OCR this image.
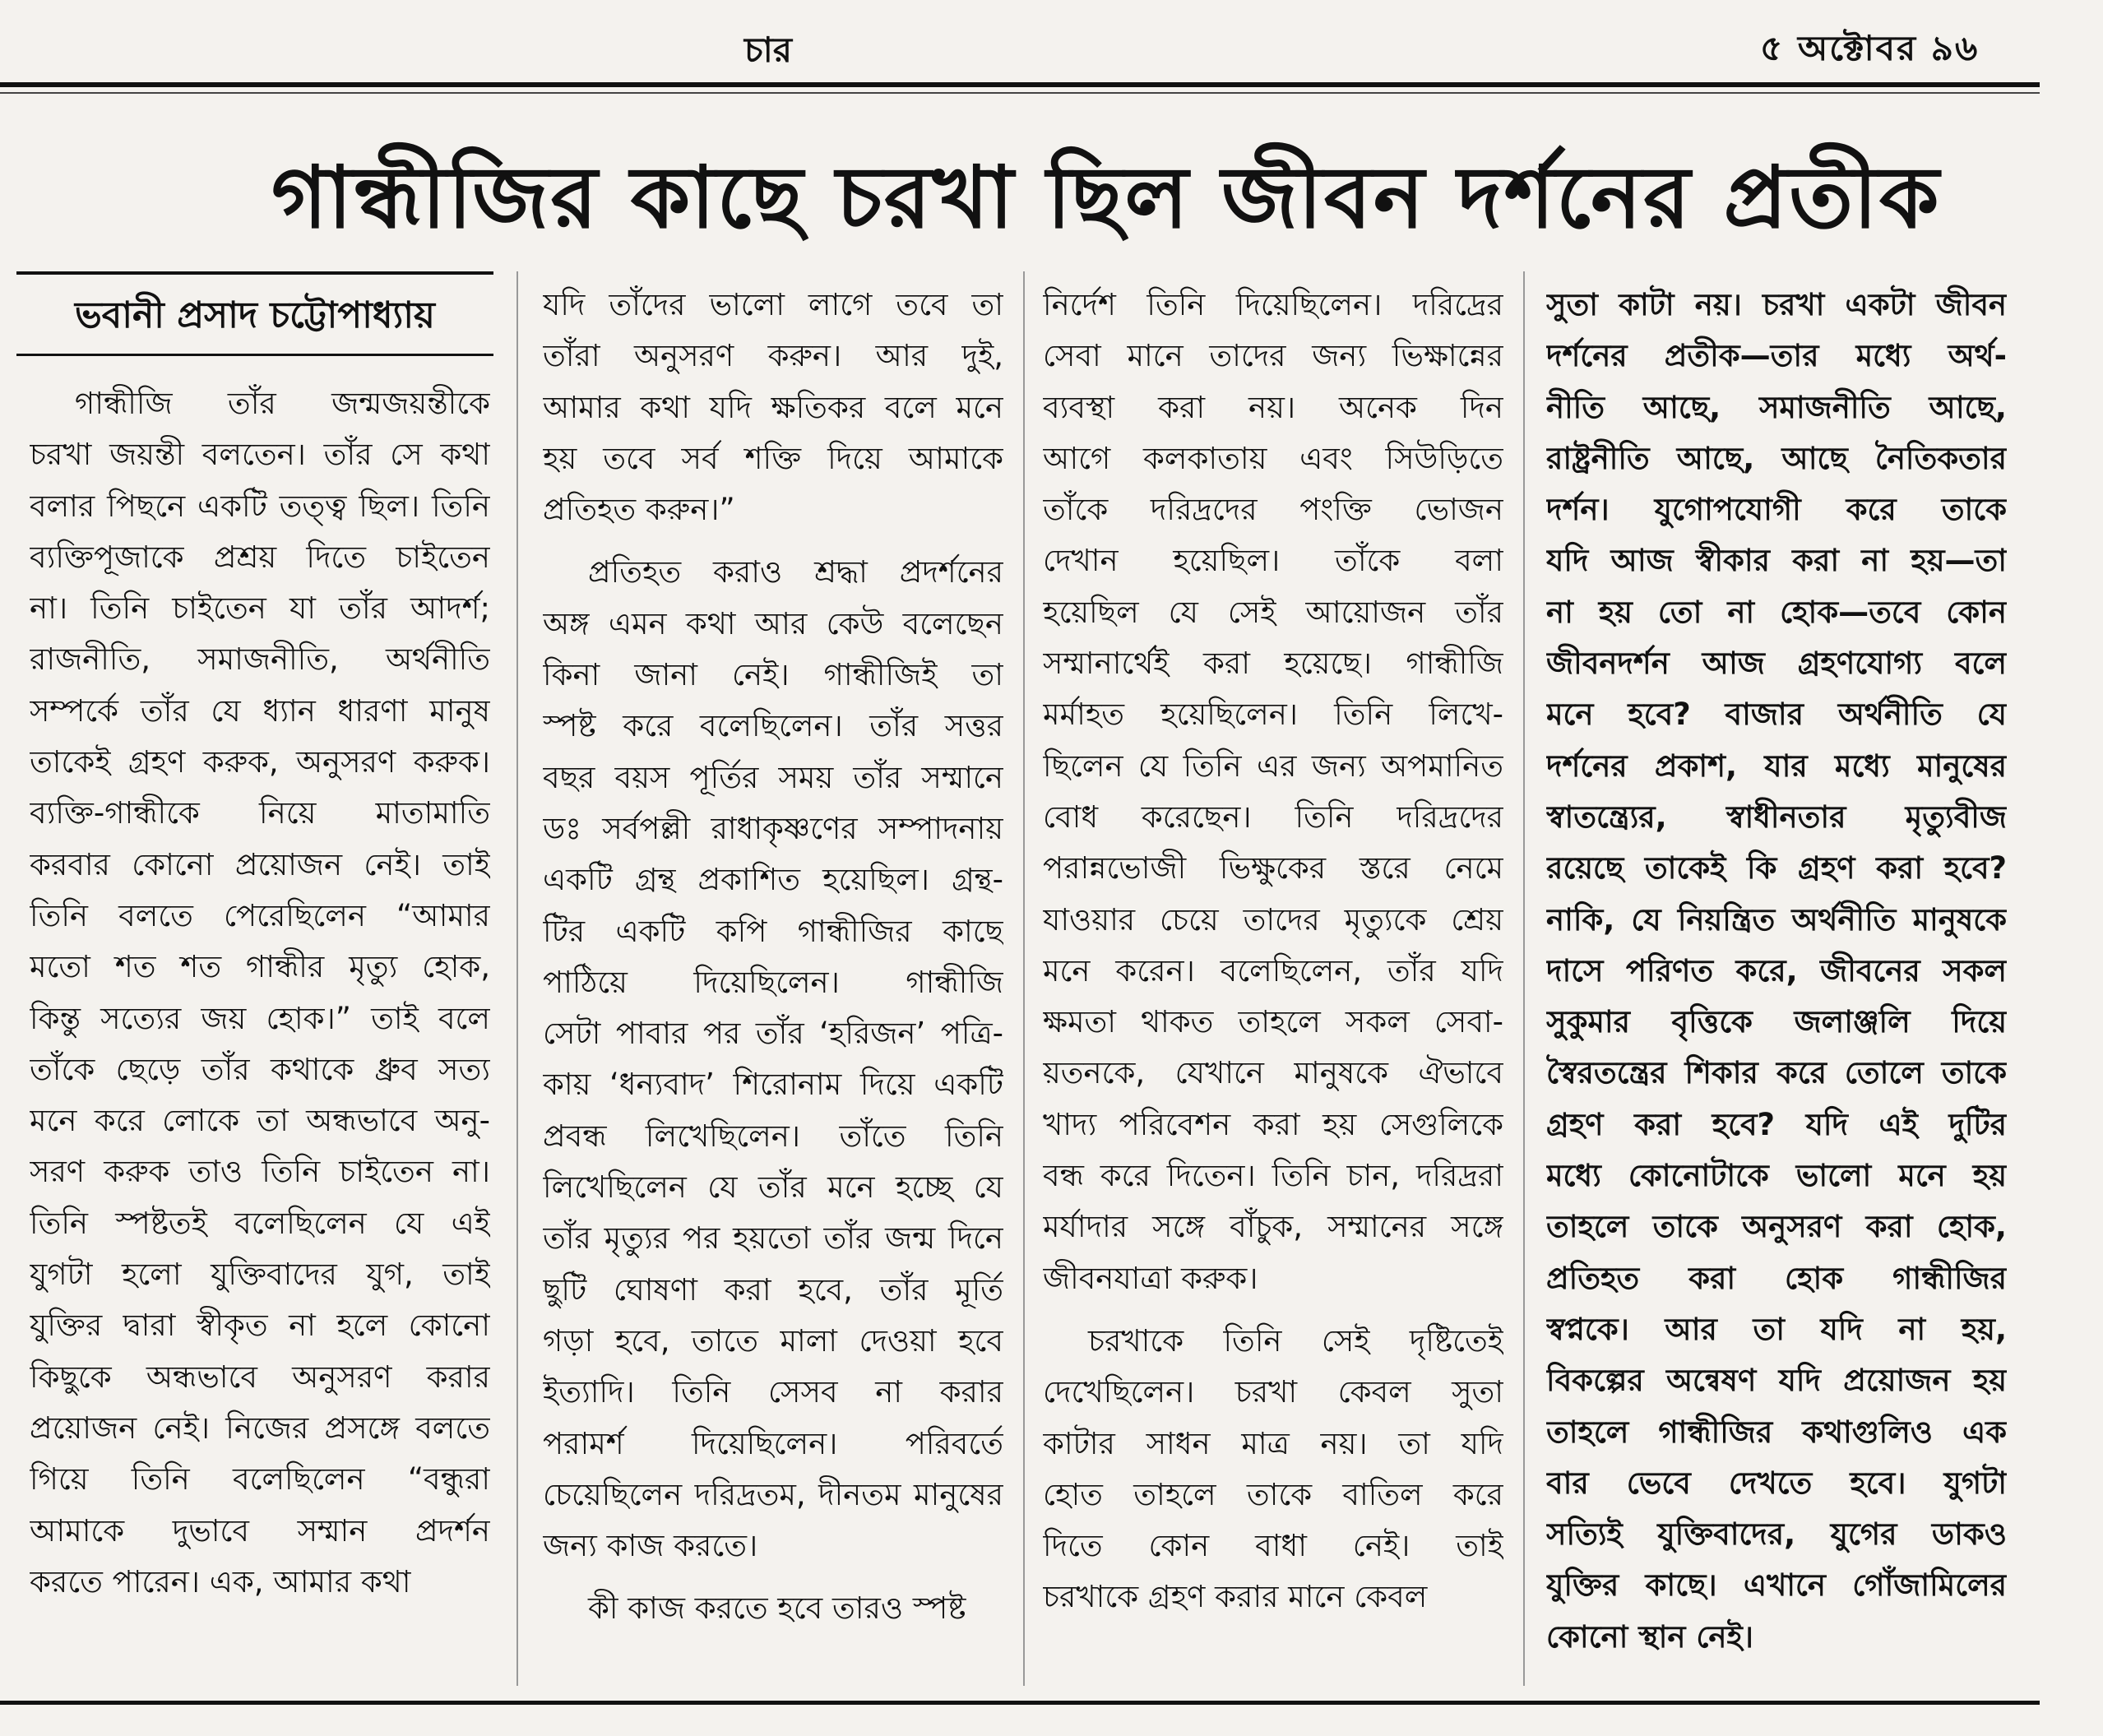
চার	৫ অক্টোবর ৯৬
গান্ধীজির কাছে চরখা ছিল জীবন দর্শনের প্রতীক
ভবানী প্রসাদ চট্টোপাধ্যায়
গান্ধীজি তাঁর জন্মজয়ন্তীকে
চরখা জয়ন্তী বলতেন। তাঁর সে কথা
বলার পিছনে একটি তত্ত্ব ছিল। তিনি
ব্যক্তিপূজাকে প্রশ্রয় দিতে চাইতেন
না। তিনি চাইতেন যা তাঁর আদর্শ;
রাজনীতি, সমাজনীতি, অর্থনীতি
সম্পর্কে তাঁর যে ধ্যান ধারণা মানুষ
তাকেই গ্রহণ করুক, অনুসরণ করুক।
ব্যক্তি-গান্ধীকে নিয়ে মাতামাতি
করবার কোনো প্রয়োজন নেই। তাই
তিনি বলতে পেরেছিলেন “আমার
মতো শত শত গান্ধীর মৃত্যু হোক,
কিন্তু সত্যের জয় হোক।” তাই বলে
তাঁকে ছেড়ে তাঁর কথাকে ধ্রুব সত্য
মনে করে লোকে তা অন্ধভাবে অনু-
সরণ করুক তাও তিনি চাইতেন না।
তিনি স্পষ্টতই বলেছিলেন যে এই
যুগটা হলো যুক্তিবাদের যুগ, তাই
যুক্তির দ্বারা স্বীকৃত না হলে কোনো
কিছুকে অন্ধভাবে অনুসরণ করার
প্রয়োজন নেই। নিজের প্রসঙ্গে বলতে
গিয়ে তিনি বলেছিলেন “বন্ধুরা
আমাকে দুভাবে সম্মান প্রদর্শন
করতে পারেন। এক, আমার কথা
যদি তাঁদের ভালো লাগে তবে তা
তাঁরা অনুসরণ করুন। আর দুই,
আমার কথা যদি ক্ষতিকর বলে মনে
হয় তবে সর্ব শক্তি দিয়ে আমাকে
প্রতিহত করুন।”
প্রতিহত করাও শ্রদ্ধা প্রদর্শনের
অঙ্গ এমন কথা আর কেউ বলেছেন
কিনা জানা নেই। গান্ধীজিই তা
স্পষ্ট করে বলেছিলেন। তাঁর সত্তর
বছর বয়স পূর্তির সময় তাঁর সম্মানে
ডঃ সর্বপল্লী রাধাকৃষ্ণণের সম্পাদনায়
একটি গ্রন্থ প্রকাশিত হয়েছিল। গ্রন্থ-
টির একটি কপি গান্ধীজির কাছে
পাঠিয়ে দিয়েছিলেন। গান্ধীজি
সেটা পাবার পর তাঁর ‘হরিজন’ পত্রি-
কায় ‘ধন্যবাদ’ শিরোনাম দিয়ে একটি
প্রবন্ধ লিখেছিলেন। তাঁতে তিনি
লিখেছিলেন যে তাঁর মনে হচ্ছে যে
তাঁর মৃত্যুর পর হয়তো তাঁর জন্ম দিনে
ছুটি ঘোষণা করা হবে, তাঁর মূর্তি
গড়া হবে, তাতে মালা দেওয়া হবে
ইত্যাদি। তিনি সেসব না করার
পরামর্শ দিয়েছিলেন। পরিবর্তে
চেয়েছিলেন দরিদ্রতম, দীনতম মানুষের
জন্য কাজ করতে।
কী কাজ করতে হবে তারও স্পষ্ট
নির্দেশ তিনি দিয়েছিলেন। দরিদ্রের
সেবা মানে তাদের জন্য ভিক্ষান্নের
ব্যবস্থা করা নয়। অনেক দিন
আগে কলকাতায় এবং সিউড়িতে
তাঁকে দরিদ্রদের পংক্তি ভোজন
দেখান হয়েছিল। তাঁকে বলা
হয়েছিল যে সেই আয়োজন তাঁর
সম্মানার্থেই করা হয়েছে। গান্ধীজি
মর্মাহত হয়েছিলেন। তিনি লিখে-
ছিলেন যে তিনি এর জন্য অপমানিত
বোধ করেছেন। তিনি দরিদ্রদের
পরান্নভোজী ভিক্ষুকের স্তরে নেমে
যাওয়ার চেয়ে তাদের মৃত্যুকে শ্রেয়
মনে করেন। বলেছিলেন, তাঁর যদি
ক্ষমতা থাকত তাহলে সকল সেবা-
য়তনকে, যেখানে মানুষকে ঐভাবে
খাদ্য পরিবেশন করা হয় সেগুলিকে
বন্ধ করে দিতেন। তিনি চান, দরিদ্ররা
মর্যাদার সঙ্গে বাঁচুক, সম্মানের সঙ্গে
জীবনযাত্রা করুক।
চরখাকে তিনি সেই দৃষ্টিতেই
দেখেছিলেন। চরখা কেবল সুতা
কাটার সাধন মাত্র নয়। তা যদি
হোত তাহলে তাকে বাতিল করে
দিতে কোন বাধা নেই। তাই
চরখাকে গ্রহণ করার মানে কেবল
সুতা কাটা নয়। চরখা একটা জীবন
দর্শনের প্রতীক—তার মধ্যে অর্থ-
নীতি আছে, সমাজনীতি আছে,
রাষ্ট্রনীতি আছে, আছে নৈতিকতার
দর্শন। যুগোপযোগী করে তাকে
যদি আজ স্বীকার করা না হয়—তা
না হয় তো না হোক—তবে কোন
জীবনদর্শন আজ গ্রহণযোগ্য বলে
মনে হবে? বাজার অর্থনীতি যে
দর্শনের প্রকাশ, যার মধ্যে মানুষের
স্বাতন্ত্র্যের, স্বাধীনতার মৃত্যুবীজ
রয়েছে তাকেই কি গ্রহণ করা হবে?
নাকি, যে নিয়ন্ত্রিত অর্থনীতি মানুষকে
দাসে পরিণত করে, জীবনের সকল
সুকুমার বৃত্তিকে জলাঞ্জলি দিয়ে
স্বৈরতন্ত্রের শিকার করে তোলে তাকে
গ্রহণ করা হবে? যদি এই দুটির
মধ্যে কোনোটাকে ভালো মনে হয়
তাহলে তাকে অনুসরণ করা হোক,
প্রতিহত করা হোক গান্ধীজির
স্বপ্নকে। আর তা যদি না হয়,
বিকল্পের অন্বেষণ যদি প্রয়োজন হয়
তাহলে গান্ধীজির কথাগুলিও এক
বার ভেবে দেখতে হবে। যুগটা
সত্যিই যুক্তিবাদের, যুগের ডাকও
যুক্তির কাছে। এখানে গোঁজামিলের
কোনো স্থান নেই।
